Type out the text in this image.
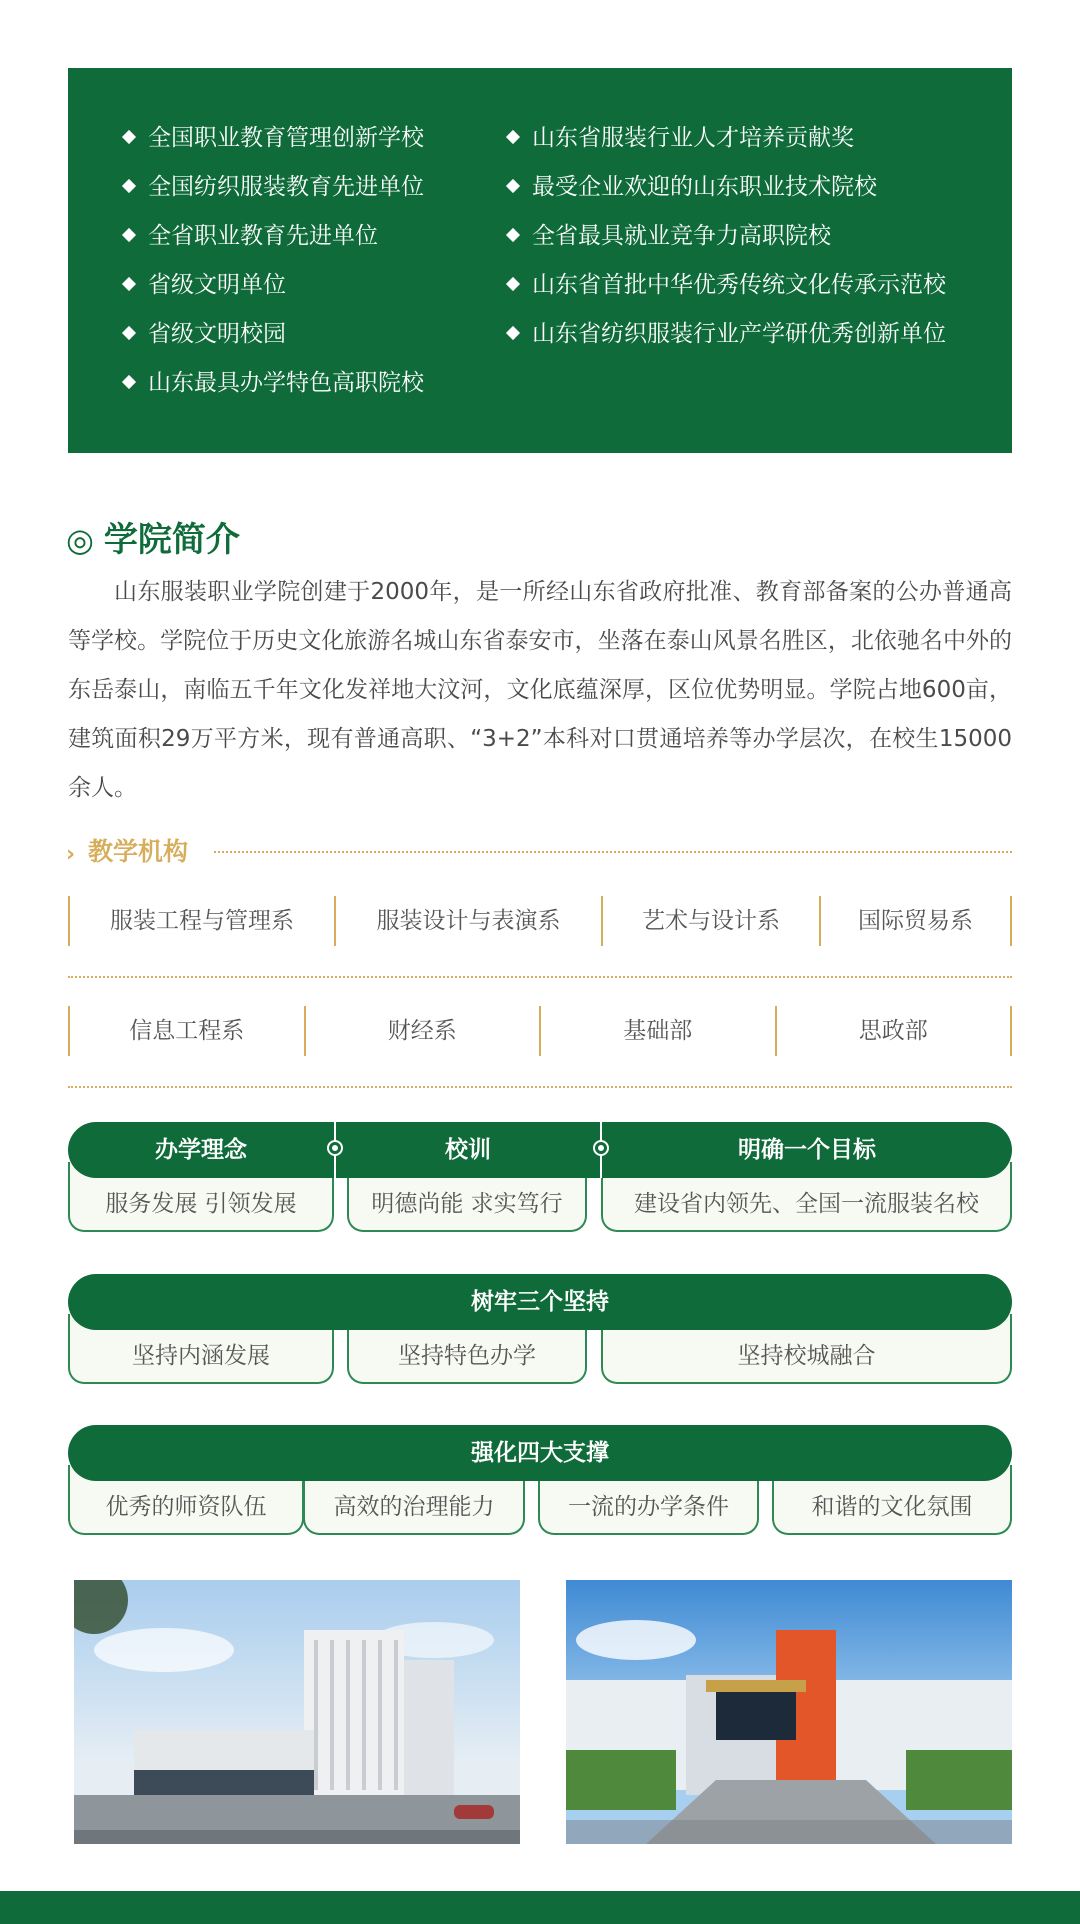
全国职业教育管理创新学校
全国纺织服装教育先进单位
全省职业教育先进单位
省级文明单位
省级文明校园
山东最具办学特色高职院校
山东省服装行业人才培养贡献奖
最受企业欢迎的山东职业技术院校
全省最具就业竞争力高职院校
山东省首批中华优秀传统文化传承示范校
山东省纺织服装行业产学研优秀创新单位
◎ 学院简介

山东服装职业学院创建于2000年，是一所经山东省政府批准、教育部备案的公办普通高等学校。学院位于历史文化旅游名城山东省泰安市，坐落在泰山风景名胜区，北依驰名中外的东岳泰山，南临五千年文化发祥地大汶河，文化底蕴深厚，区位优势明显。学院占地600亩，建筑面积29万平方米，现有普通高职、“3+2”本科对口贯通培养等办学层次，在校生15000余人。

› 教学机构
服装工程与管理系	服装设计与表演系	艺术与设计系	国际贸易系
信息工程系	财经系	基础部	思政部
服务发展 引领发展	明德尚能 求实笃行	建设省内领先、全国一流服装名校
办学理念	校训	明确一个目标
坚持内涵发展	坚持特色办学	坚持校城融合
树牢三个坚持
优秀的师资队伍	高效的治理能力	一流的办学条件	和谐的文化氛围
强化四大支撑
